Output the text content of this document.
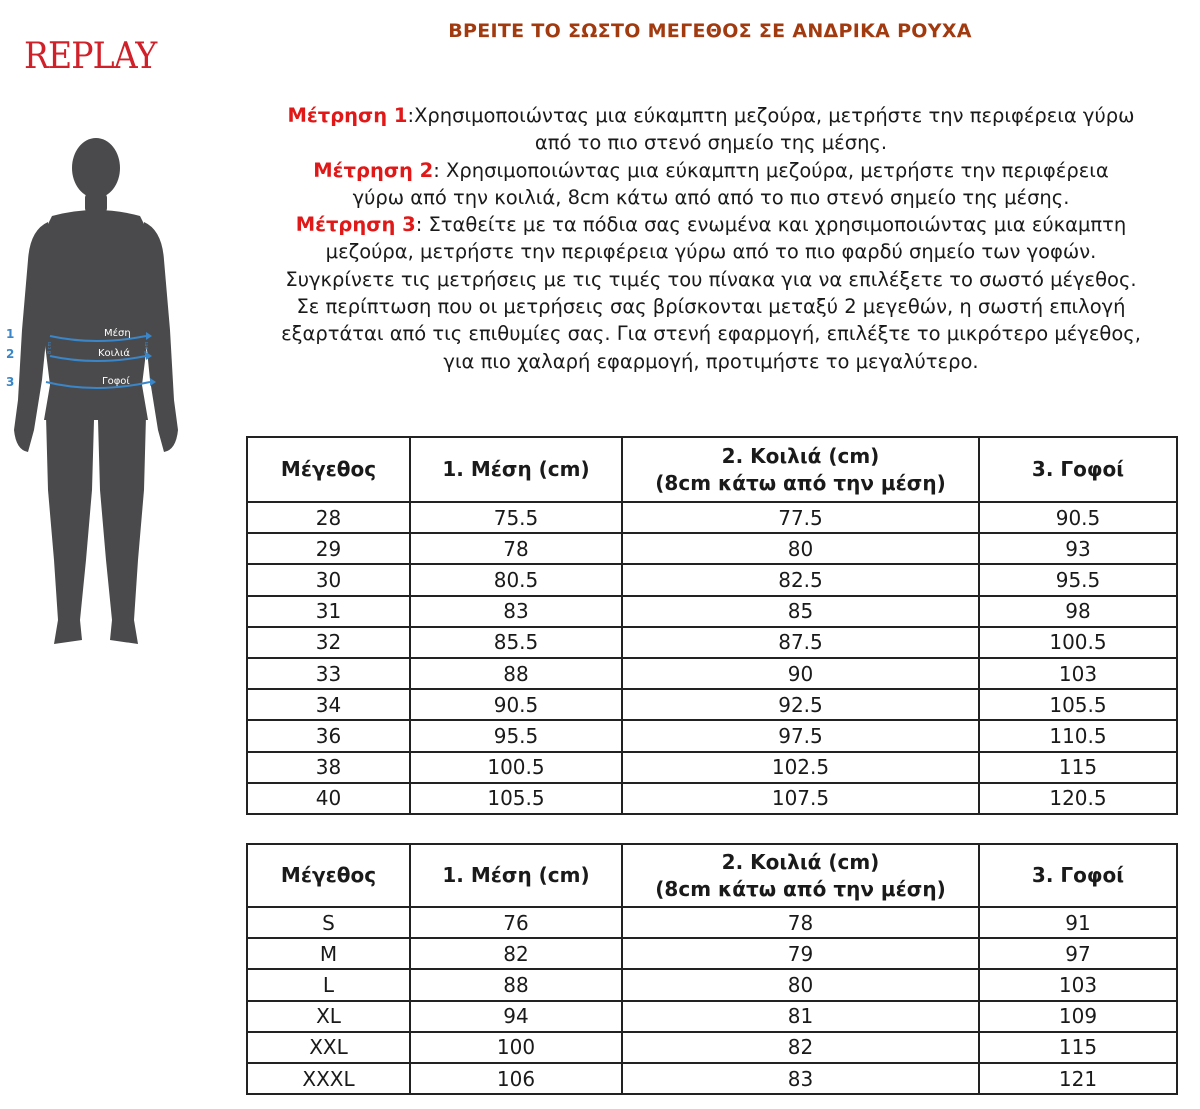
REPLAY
ΒΡΕΙΤΕ ΤΟ ΣΩΣΤΟ ΜΕΓΕΘΟΣ ΣΕ ΑΝΔΡΙΚΑ ΡΟΥΧΑ
Μέτρηση 1:Χρησιμοποιώντας μια εύκαμπτη μεζούρα, μετρήστε την περιφέρεια γύρω
από το πιο στενό σημείο της μέσης.
Μέτρηση 2: Χρησιμοποιώντας μια εύκαμπτη μεζούρα, μετρήστε την περιφέρεια
γύρω από την κοιλιά, 8cm κάτω από από το πιο στενό σημείο της μέσης.
Μέτρηση 3: Σταθείτε με τα πόδια σας ενωμένα και χρησιμοποιώντας μια εύκαμπτη
μεζούρα, μετρήστε την περιφέρεια γύρω από το πιο φαρδύ σημείο των γοφών.
Συγκρίνετε τις μετρήσεις με τις τιμές του πίνακα για να επιλέξετε το σωστό μέγεθος.
Σε περίπτωση που οι μετρήσεις σας βρίσκονται μεταξύ 2 μεγεθών, η σωστή επιλογή
εξαρτάται από τις επιθυμίες σας. Για στενή εφαρμογή, επιλέξτε το μικρότερο μέγεθος,
για πιο χαλαρή εφαρμογή, προτιμήστε το μεγαλύτερο.
1
2
3
Μέση
Κοιλιά
Γοφοί
8 cm	8 cm
Μέγεθος	1. Μέση (cm)	2. Κοιλιά (cm)
(8cm κάτω από την μέση)	3. Γοφοί
28	75.5	77.5	90.5
29	78	80	93
30	80.5	82.5	95.5
31	83	85	98
32	85.5	87.5	100.5
33	88	90	103
34	90.5	92.5	105.5
36	95.5	97.5	110.5
38	100.5	102.5	115
40	105.5	107.5	120.5
Μέγεθος	1. Μέση (cm)	2. Κοιλιά (cm)
(8cm κάτω από την μέση)	3. Γοφοί
S	76	78	91
M	82	79	97
L	88	80	103
XL	94	81	109
XXL	100	82	115
XXXL	106	83	121
